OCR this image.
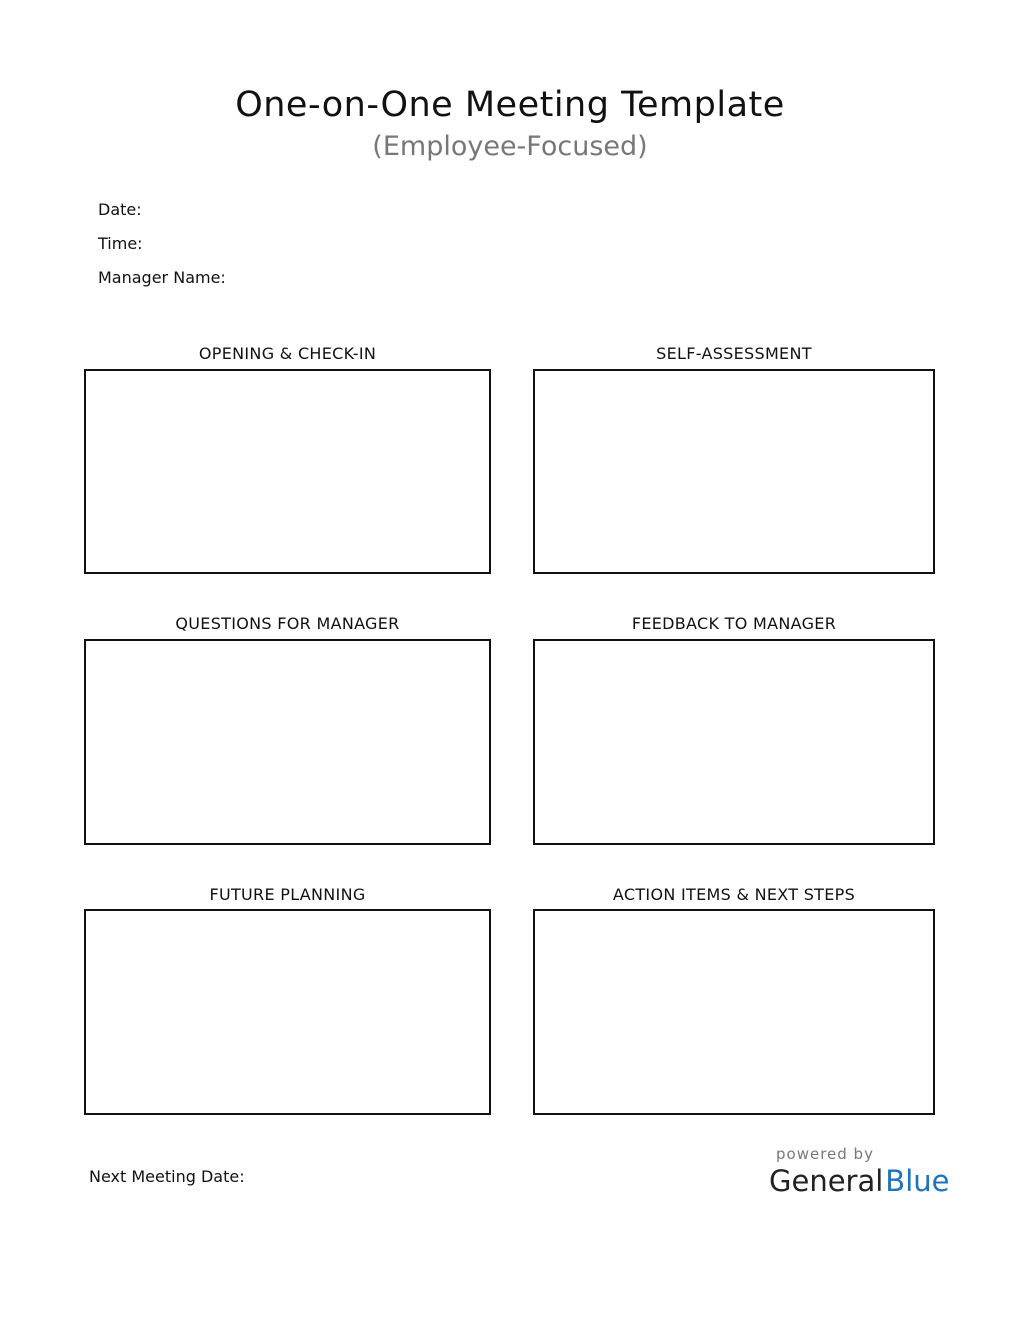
One-on-One Meeting Template
(Employee-Focused)
Date:
Time:
Manager Name:
OPENING & CHECK-IN	SELF-ASSESSMENT
QUESTIONS FOR MANAGER	FEEDBACK TO MANAGER
FUTURE PLANNING	ACTION ITEMS & NEXT STEPS
Next Meeting Date:
powered by
GeneralBlue
